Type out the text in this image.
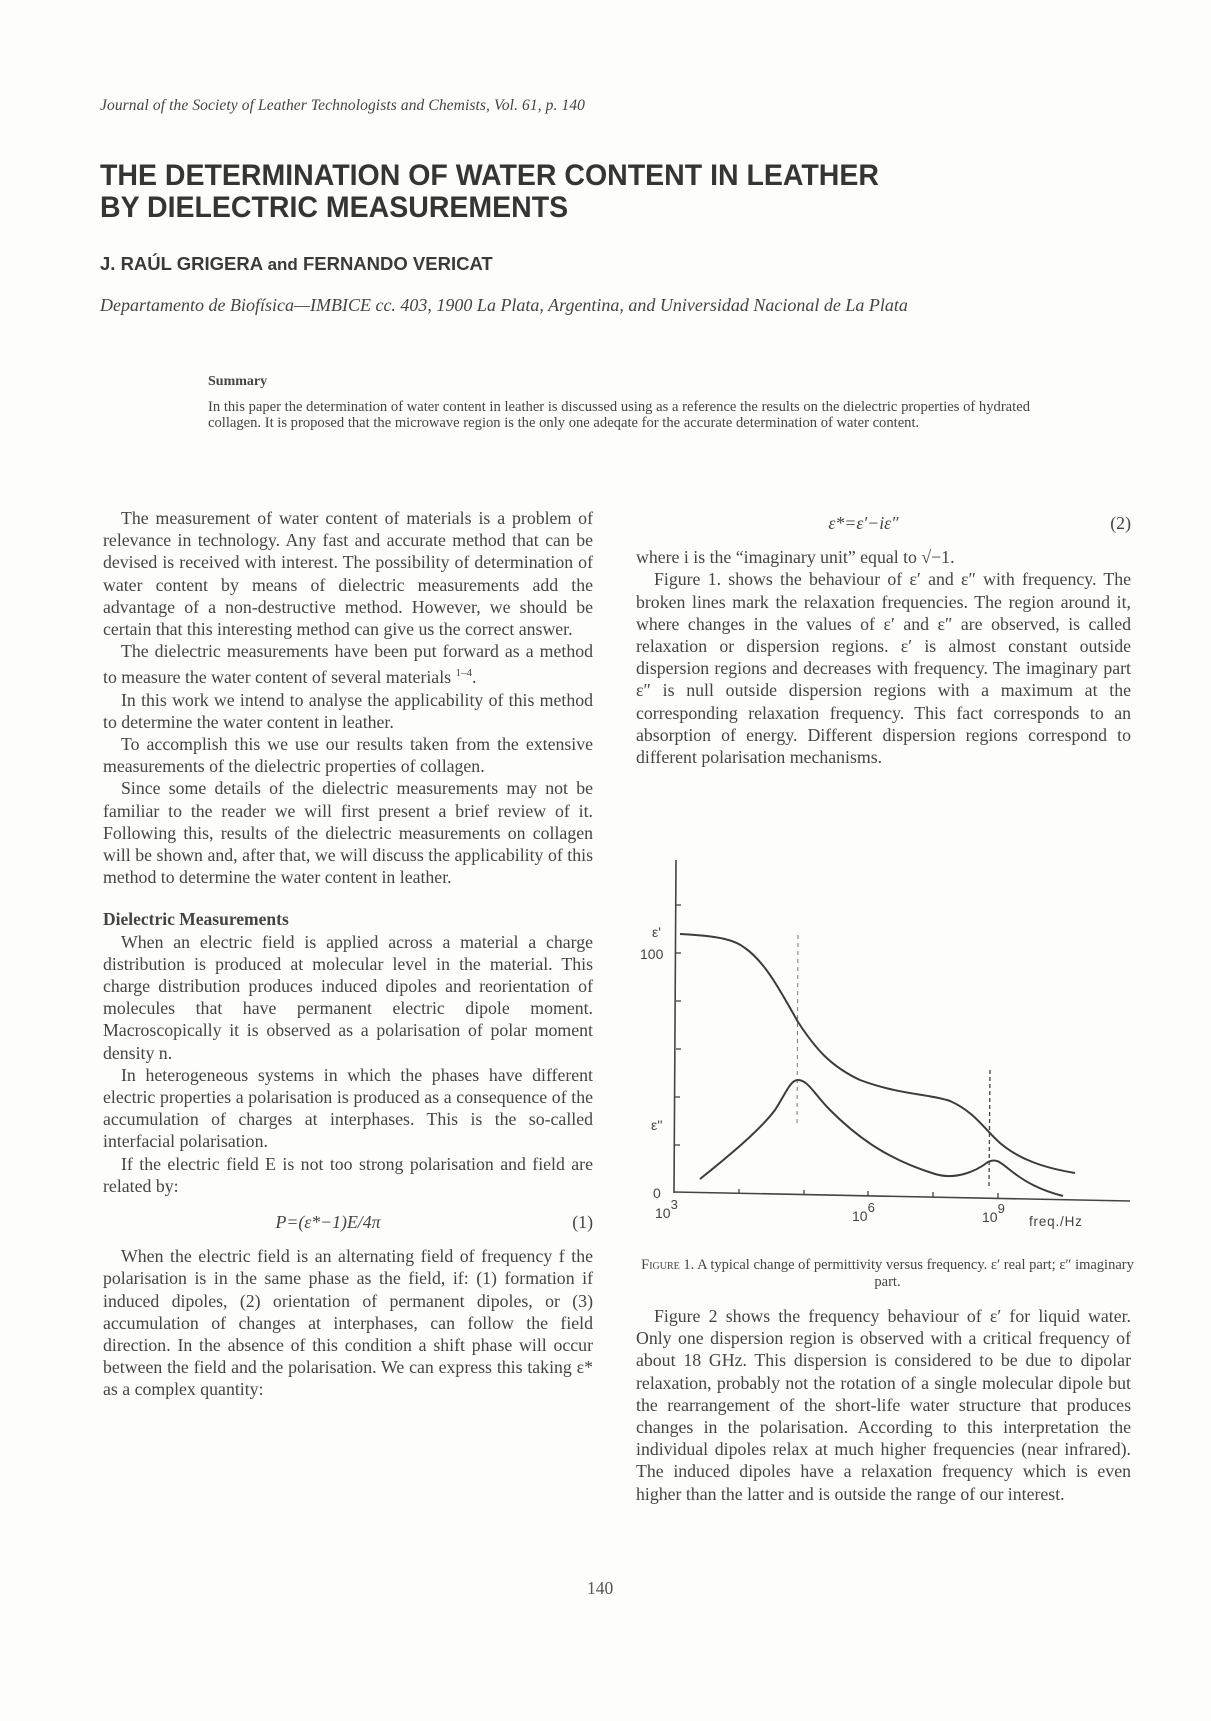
Journal of the Society of Leather Technologists and Chemists, Vol. 61, p. 140
THE DETERMINATION OF WATER CONTENT IN LEATHER
BY DIELECTRIC MEASUREMENTS
J. RAÚL GRIGERA and FERNANDO VERICAT
Departamento de Biofísica—IMBICE cc. 403, 1900 La Plata, Argentina, and Universidad Nacional de La Plata
Summary
In this paper the determination of water content in leather is discussed using as a reference the results on the dielectric properties of hydrated collagen. It is proposed that the microwave region is the only one adeqate for the accurate determination of water content.

The measurement of water content of materials is a problem of relevance in technology. Any fast and accurate method that can be devised is received with interest. The possibility of determination of water content by means of dielectric measurements add the advantage of a non-destructive method. However, we should be certain that this interesting method can give us the correct answer.

The dielectric measurements have been put forward as a method to measure the water content of several materials $^{1-4}$.

In this work we intend to analyse the applicability of this method to determine the water content in leather.

To accomplish this we use our results taken from the extensive measurements of the dielectric properties of collagen.

Since some details of the dielectric measurements may not be familiar to the reader we will first present a brief review of it. Following this, results of the dielectric measurements on collagen will be shown and, after that, we will discuss the applicability of this method to determine the water content in leather.

Dielectric Measurements

When an electric field is applied across a material a charge distribution is produced at molecular level in the material. This charge distribution produces induced dipoles and reorientation of molecules that have permanent electric dipole moment. Macroscopically it is observed as a polarisation of polar moment density n.

In heterogeneous systems in which the phases have different electric properties a polarisation is produced as a consequence of the accumulation of charges at interphases. This is the so-called interfacial polarisation.

If the electric field E is not too strong polarisation and field are related by:

P=(ε*−1)E/4π	(1)

When the electric field is an alternating field of frequency f the polarisation is in the same phase as the field, if: (1) formation if induced dipoles, (2) orientation of permanent dipoles, or (3) accumulation of changes at interphases, can follow the field direction. In the absence of this condition a shift phase will occur between the field and the polarisation. We can express this taking ε* as a complex quantity:

ε*=ε′−iε″	(2)

where i is the “imaginary unit” equal to √−1.

Figure 1. shows the behaviour of ε′ and ε″ with frequency. The broken lines mark the relaxation frequencies. The region around it, where changes in the values of ε′ and ε″ are observed, is called relaxation or dispersion regions. ε′ is almost constant outside dispersion regions and decreases with frequency. The imaginary part ε″ is null outside dispersion regions with a maximum at the corresponding relaxation frequency. This fact corresponds to an absorption of energy. Different dispersion regions correspond to different polarisation mechanisms.

ε'
100
ε''
0
103
106
109
freq./Hz
Figure 1. A typical change of permittivity versus frequency. ε′ real part; ε″ imaginary part.

Figure 2 shows the frequency behaviour of ε′ for liquid water. Only one dispersion region is observed with a critical frequency of about 18 GHz. This dispersion is considered to be due to dipolar relaxation, probably not the rotation of a single molecular dipole but the rearrangement of the short-life water structure that produces changes in the polarisation. According to this interpretation the individual dipoles relax at much higher frequencies (near infrared). The induced dipoles have a relaxation frequency which is even higher than the latter and is outside the range of our interest.

140
